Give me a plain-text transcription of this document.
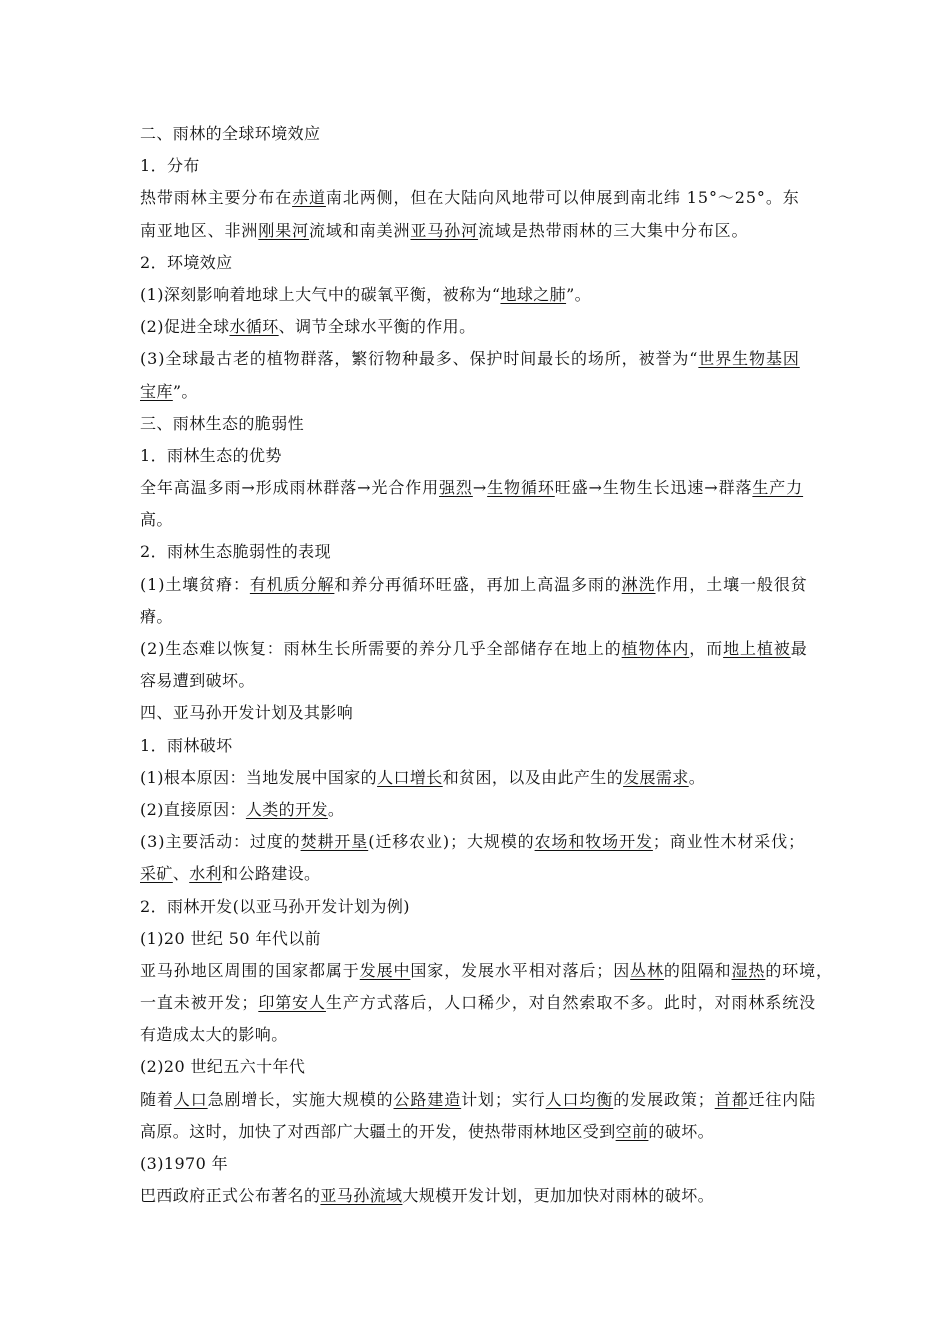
二、雨林的全球环境效应
1．分布
热带雨林主要分布在赤道南北两侧，但在大陆向风地带可以伸展到南北纬 15°～25°。东
南亚地区、非洲刚果河流域和南美洲亚马孙河流域是热带雨林的三大集中分布区。
2．环境效应
(1)深刻影响着地球上大气中的碳氧平衡，被称为“地球之肺”。
(2)促进全球水循环、调节全球水平衡的作用。
(3)全球最古老的植物群落，繁衍物种最多、保护时间最长的场所，被誉为“世界生物基因
宝库”。
三、雨林生态的脆弱性
1．雨林生态的优势
全年高温多雨→形成雨林群落→光合作用强烈→生物循环旺盛→生物生长迅速→群落生产力
高。
2．雨林生态脆弱性的表现
(1)土壤贫瘠：有机质分解和养分再循环旺盛，再加上高温多雨的淋洗作用，土壤一般很贫
瘠。
(2)生态难以恢复：雨林生长所需要的养分几乎全部储存在地上的植物体内，而地上植被最
容易遭到破坏。
四、亚马孙开发计划及其影响
1．雨林破坏
(1)根本原因：当地发展中国家的人口增长和贫困，以及由此产生的发展需求。
(2)直接原因：人类的开发。
(3)主要活动：过度的焚耕开垦(迁移农业)；大规模的农场和牧场开发；商业性木材采伐；
采矿、水利和公路建设。
2．雨林开发(以亚马孙开发计划为例)
(1)20 世纪 50 年代以前
亚马孙地区周围的国家都属于发展中国家，发展水平相对落后；因丛林的阻隔和湿热的环境，
一直未被开发；印第安人生产方式落后，人口稀少，对自然索取不多。此时，对雨林系统没
有造成太大的影响。
(2)20 世纪五六十年代
随着人口急剧增长，实施大规模的公路建造计划；实行人口均衡的发展政策；首都迁往内陆
高原。这时，加快了对西部广大疆土的开发，使热带雨林地区受到空前的破坏。
(3)1970 年
巴西政府正式公布著名的亚马孙流域大规模开发计划，更加加快对雨林的破坏。
